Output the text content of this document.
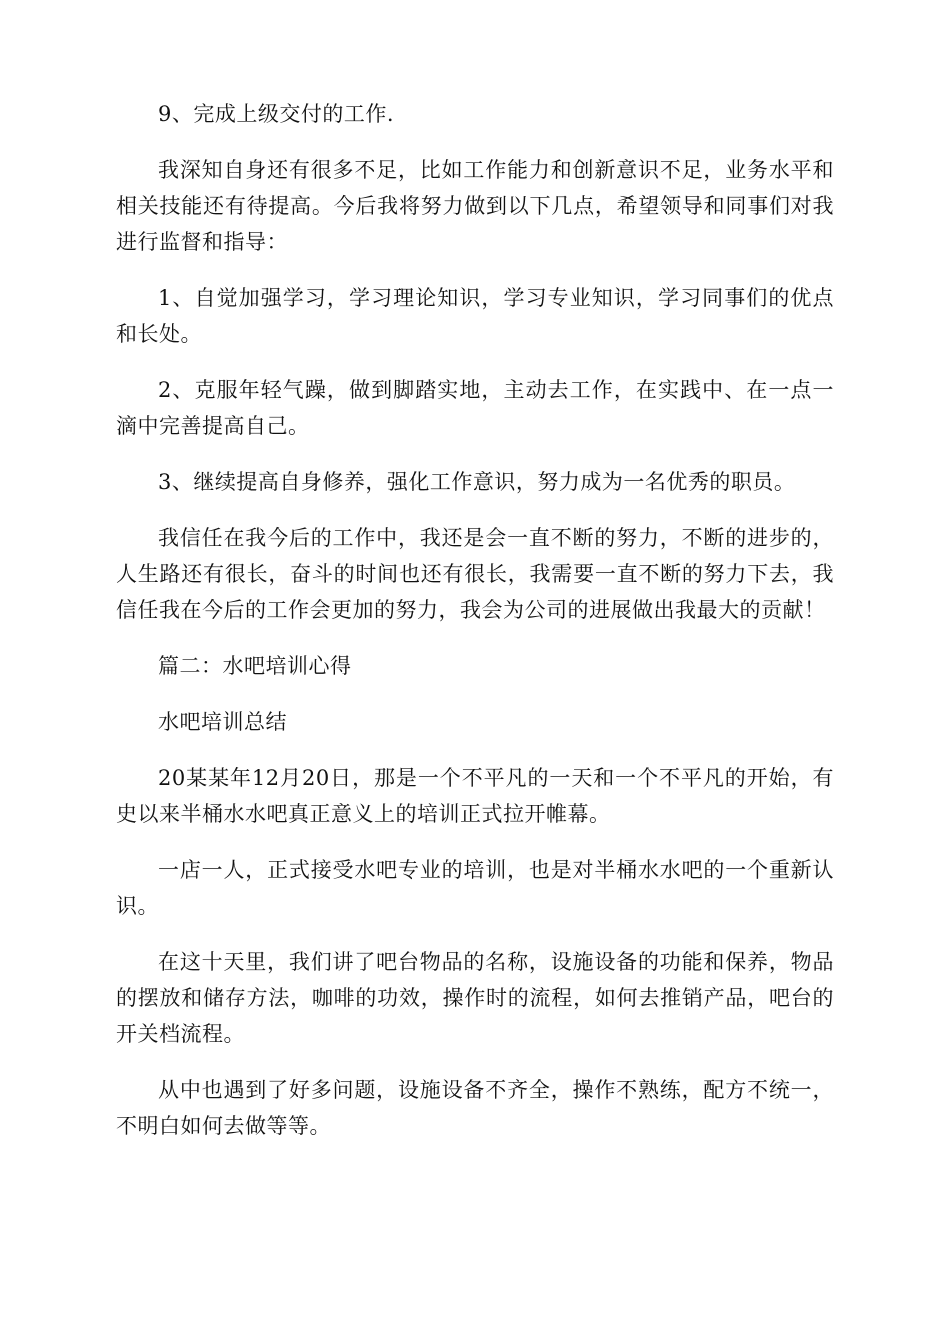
9、完成上级交付的工作.

我深知自身还有很多不足，比如工作能力和创新意识不足，业务水平和相关技能还有待提高。今后我将努力做到以下几点，希望领导和同事们对我进行监督和指导：

1、自觉加强学习，学习理论知识，学习专业知识，学习同事们的优点和长处。

2、克服年轻气躁，做到脚踏实地，主动去工作，在实践中、在一点一滴中完善提高自己。

3、继续提高自身修养，强化工作意识，努力成为一名优秀的职员。

我信任在我今后的工作中，我还是会一直不断的努力，不断的进步的，人生路还有很长，奋斗的时间也还有很长，我需要一直不断的努力下去，我信任我在今后的工作会更加的努力，我会为公司的进展做出我最大的贡献！

篇二：水吧培训心得

水吧培训总结

20某某年12月20日，那是一个不平凡的一天和一个不平凡的开始，有史以来半桶水水吧真正意义上的培训正式拉开帷幕。

一店一人，正式接受水吧专业的培训，也是对半桶水水吧的一个重新认识。

在这十天里，我们讲了吧台物品的名称，设施设备的功能和保养，物品的摆放和储存方法，咖啡的功效，操作时的流程，如何去推销产品，吧台的开关档流程。

从中也遇到了好多问题，设施设备不齐全，操作不熟练，配方不统一，不明白如何去做等等。
